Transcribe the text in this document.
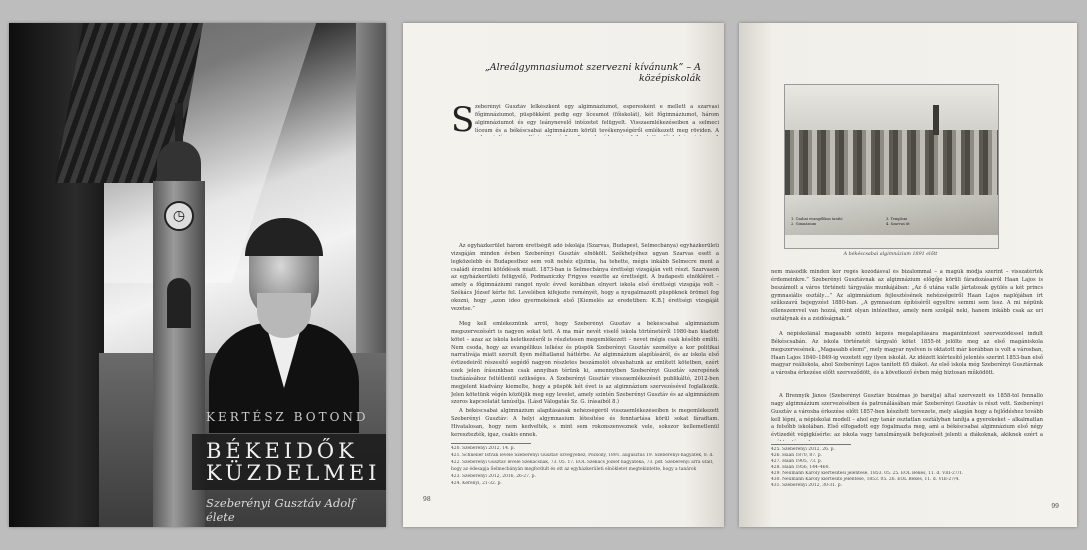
◷
KERTÉSZ BOTOND
BÉKEIDŐK
KÜZDELMEI
Szeberényi Gusztáv Adolf élete
„Alreálgymnasiumot szervezni kívánunk” – A középiskolák
S zeberényi Gusztáv lelkészként egy algimnáziumot, esperesként e mellett a szarvasi főgimnáziumot, püspökként pedig egy líceumot (főiskolát), két főgimnáziumot, három algimnáziumot és egy leánynevelő intézetet felügyelt. Visszaemlékezéseiben a selmeci líceum és a békéscsabai algimnázium körüli tevékenységéről emlékezett meg röviden. A
Az egyházkerület három érettségit adó iskolája (Szarvas, Budapest, Selmecbánya) egyházkerületi vizsgáján minden évben Szeberényi Gusztáv elnökölt. Székhelyéhez ugyan Szarvas esett a legközelebb és Budapesthez sem volt nehéz eljutnia, ha tehette, mégis inkább Selmecre ment a családi érzelmi kötődések miatt. 1873-ban is Selmecbánya érettségi vizsgáján vett részt. Szarvason az egyházkerületi felügyelő, Podmaniczky Frigyes vezette az érettségit. A budapesti elnökléret – amely a főgimnáziumi rangot nyolc évvel korábban elnyert iskola első érettségi vizsgája volt – Székács József kérte fel. Levelében kifejezte reményét, hogy a nyugalmazott püspöknek örömet fog okozni, hogy „azon ideo gyermekének első [Kiemelés az eredetiben: K.B.] érettségi vizsgáját vezetse.”
Meg kell emlékeznünk arról, hogy Szeberényi Gusztáv a békéscsabai algimnázium megszervezésért is nagyon sokat tett. A ma már nevét viselő iskola történetéről 1980-ban kiadott kötet – azaz az iskola keletkezésről is részletesen megemlékezett – nevet mégis csak később említi. Nem csoda, hogy az evangélikus lelkész és püspök Szeberényi Gusztáv személye a kor politikai narratívája miatt szorult ilyen méltatlanul háttérbe. Az algimnázium alapításáról, és az iskola első évtizedeiről részesítő segédő nagyon részletes beszámolót olvashatunk az említett kötetben, ezért ezek jelen írásunkban csak annyiban térünk ki, amennyiben Szeberényi Gusztáv szerepének tisztázásához feltétlenül szükséges. A Szeberényi Gusztáv visszaemlékezését publikáltó, 2012-ben megjelent kiadvány kiemelte, hogy a püspök két évet is az algimnázium szervezésével foglalkozik. Jelen kötetünk végén közöljük meg egy levelet, amely szintén Szeberényi Gusztáv és az algimnázium szoros kapcsolatát tanúsítja. (Lásd Válogatás Sz. G. írásaiból 8.)
A békéscsabai algimnázium alapításának nehézségéről visszaemlékezéseiben is megemlékezett Szeberényi Gusztáv: A helyi algymnasium létesítése és fenntartása körül sokat fáradtam. Hivatalosan, hogy nem kedvelték, s mint sem rokonszenveznek vele, sokszor kellemetlenül keresztezték, igaz, csakis ennek.
420. Szeberényi 2012, 14. p.
421. Schneller István levele Szeberényi Gusztáv özvegyéhez, Pozsony, 1891. augusztus 19. Szeberényi-hagyaték, 8. d.
422. Szeberényi Gusztáv levele Székácsnak, 73. 05. 17. EOL Székács József hagyatéka, 73. pdf. Szeberényi arra utalt, hogy az édesapja Selmecbányán megfordult és ott az egyházkerületi elnökletet megtekintette, hogy a tanárok
423. Szeberényi 2012, 2016, 26-27. p.
424. Kerényi, 21-32. p.
98
1. Csabai evangélikus tanító	3. Templom
2. Gimnázium	4. Szarvas út
A békéscsabai algimnázium 1891 előtt
nem második minden kor regés kozódásval és bizalommal – a magúk módja szerint – visszatérték érdemeinkre.” Szeberényi Gusztávnak az algimnázium előgője körüli fáradozásairól Haan Lajos is beszámolt a város történeti tárgyalás munkájában: „Az ő utána valle jártatosak gyülés a két princs gymnasiális osztály…” Az algimnázium fejlesztésének nehézségeiről Haan Lajos naplójában írt szűkszavú bejegyzést 1880-ban. „A gymnasium építéséről egyeltre semmi sem lesz. A mi népünk ellenszenvvel van hozzá, mint olyan intézethez, amely nem szolgál neki, hanem inkább csak az uri osztálynak és a zsidóságnak.”
A népiskolánál magasabb szintű képzés megalapítására magániintézet szerveződéssel indult Békéscsabán. Az iskola történetét tárgyaló kötet 1855-öt jelölte meg az első magániskola megszervesének. „Magasabb elemi”, mely magyar nyelven is oktatott már korábban is volt a városban, Haan Lajos 1840–1849-ig vezetett egy ilyen iskolát. Az idézett kiértesítő jelentés szerint 1853-ban első magyar reáliskola, ahol Szeberényi Lajos tanított 65 diákot. Az első iskola még Szeberényi Gusztávnak a városba érkezése előtt szerveződött, és a következő évben még biztosan működött.
A Brennyik János (Szeberényi Gusztáv bizalmas jó barátja) által szervezett és 1858-tól fennálló nagy algimnázium szervezésében és patronálásában már Szeberényi Gusztáv is részt vett. Szeberényi Gusztáv a városba érkezése előtt 1857-ben készített tervezete, mely alapján hogy a fejlődéshez tovább kell lépni, a népiskolai modell – ahol egy tanár osztatlan osztályban tanítja a gyerekeket – alkalmatlan a felsőbb iskolában. Első elfogadott egy fogalmazta meg, ami a békéscsabai algimnázium első négy évtizedét végigkísérte: az iskola vagy tanulmányaik befejezését jelenti a diákoknak, akiknek ezért a
425. Szeberényi 2012, 26. p.
426. Haan 1870, 87. p.
427. Haan 1905, 73. p.
428. Haan 1956, 144–460.
429. Neumann Károly kiértesítési jelentése, 1853. 05. 25. EOL Békés, 11. d. VIII-27/1.
430. Neumann Károly kiértesítő jelentése, 1853. 05. 26. EOL Békés, 11. d. VIII-27/4.
431. Szeberényi 2012, 30-31. p.
99
